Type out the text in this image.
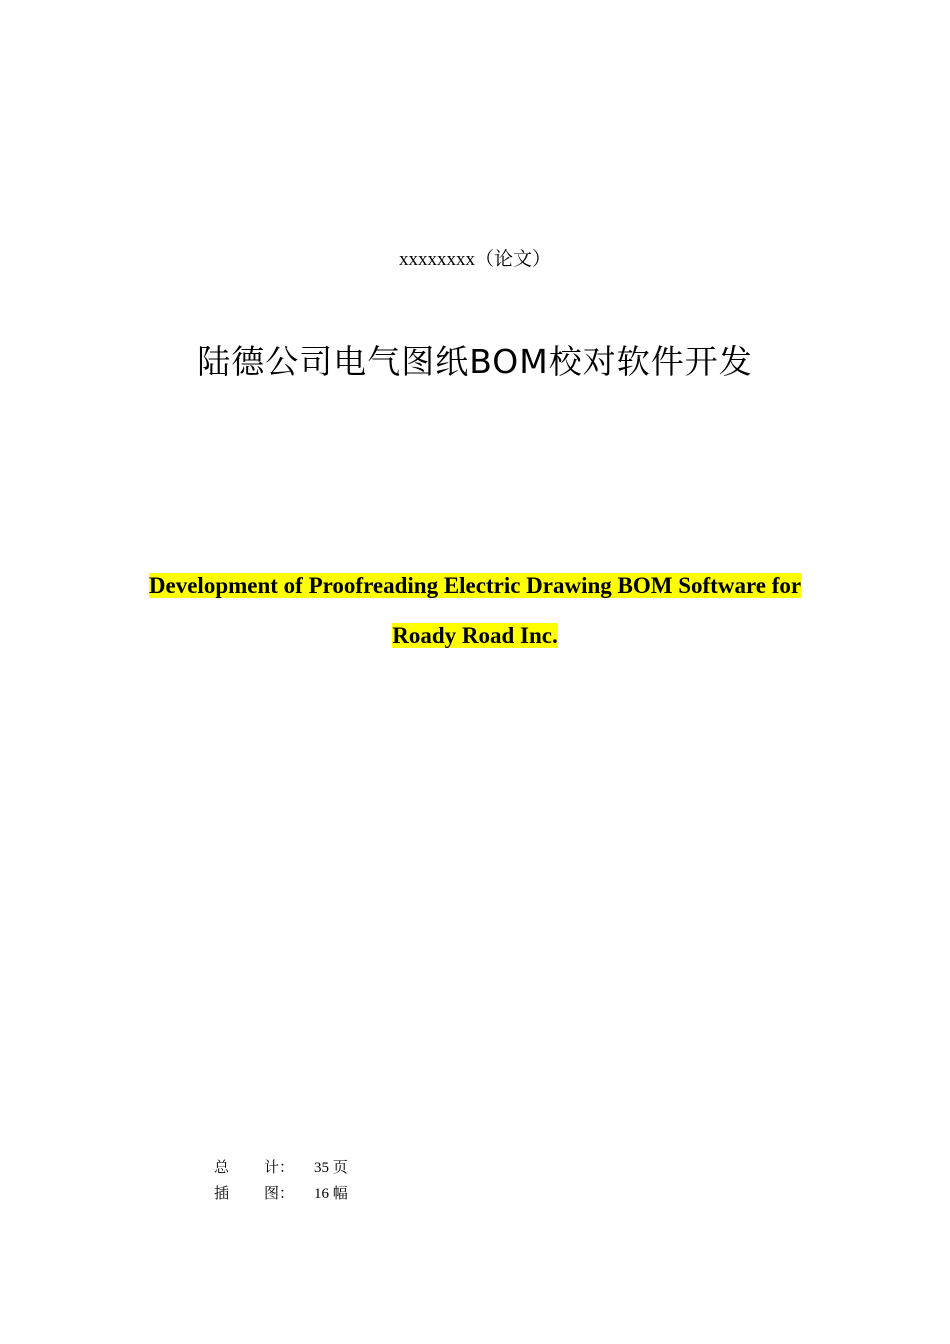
xxxxxxxx（论文）
陆德公司电气图纸BOM校对软件开发
Development of Proofreading Electric Drawing BOM Software for
Roady Road Inc.
总	计：	35 页
插	图：	16 幅
